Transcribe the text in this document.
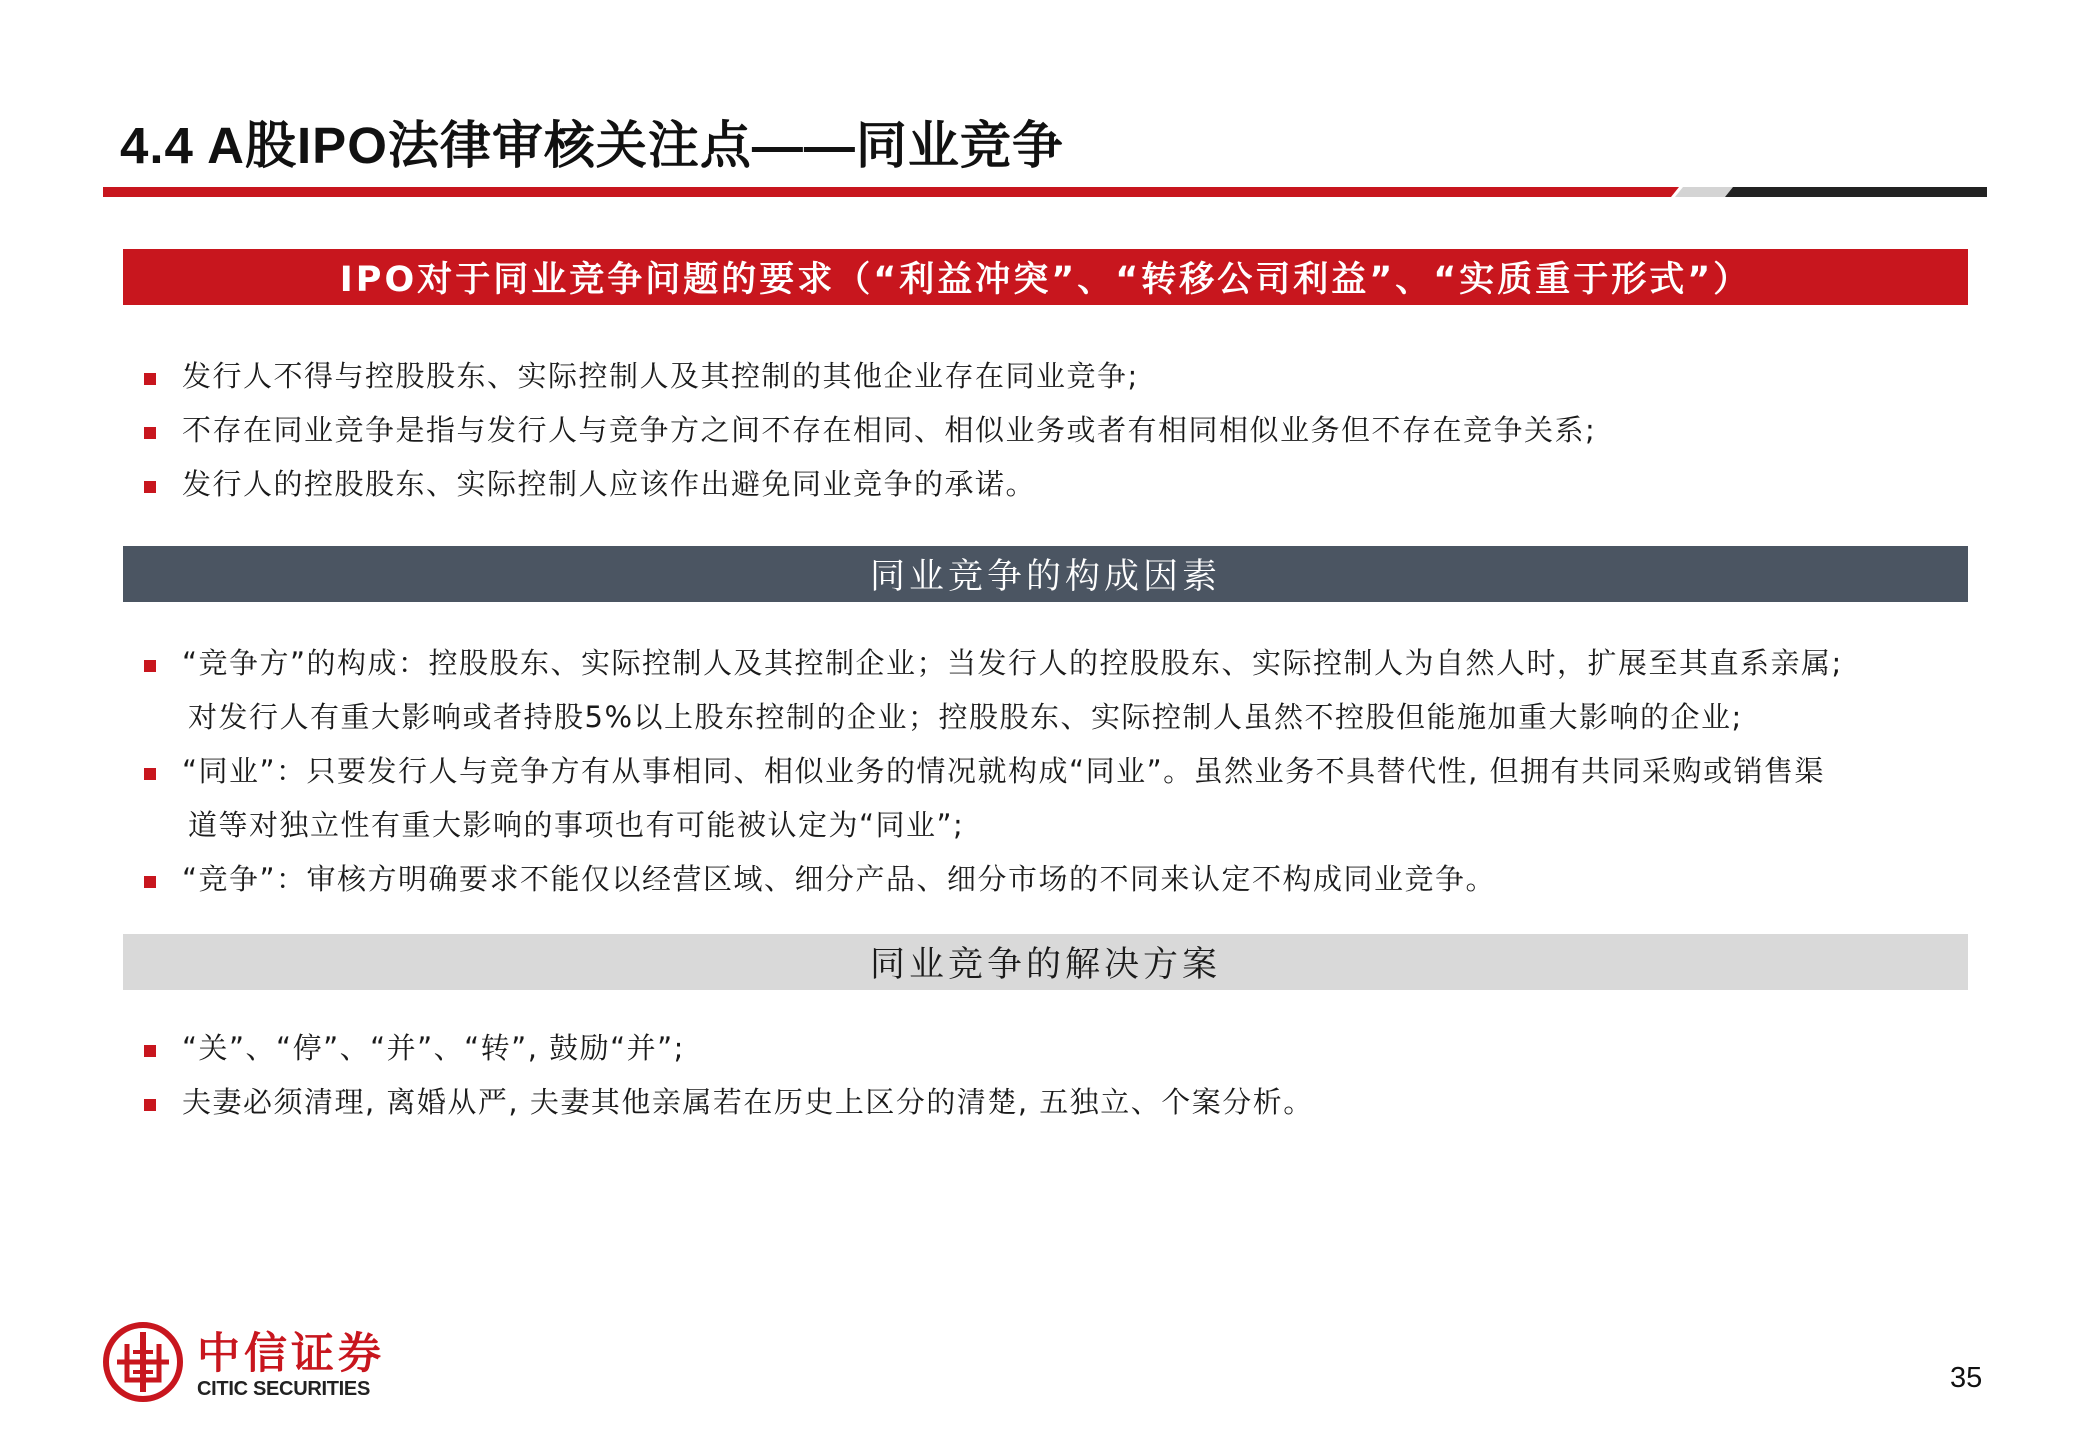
4.4 A股IPO法律审核关注点——同业竞争
IPO对于同业竞争问题的要求（“利益冲突”、“转移公司利益”、“实质重于形式”）
发行人不得与控股股东、实际控制人及其控制的其他企业存在同业竞争;
不存在同业竞争是指与发行人与竞争方之间不存在相同、相似业务或者有相同相似业务但不存在竞争关系;
发行人的控股股东、实际控制人应该作出避免同业竞争的承诺。
同业竞争的构成因素
“竞争方”的构成：控股股东、实际控制人及其控制企业；当发行人的控股股东、实际控制人为自然人时，扩展至其直系亲属;
对发行人有重大影响或者持股5%以上股东控制的企业；控股股东、实际控制人虽然不控股但能施加重大影响的企业;
“同业”：只要发行人与竞争方有从事相同、相似业务的情况就构成“同业”。虽然业务不具替代性, 但拥有共同采购或销售渠
道等对独立性有重大影响的事项也有可能被认定为“同业”;
“竞争”：审核方明确要求不能仅以经营区域、细分产品、细分市场的不同来认定不构成同业竞争。
同业竞争的解决方案
“关”、“停”、“并”、“转”, 鼓励“并”;
夫妻必须清理, 离婚从严, 夫妻其他亲属若在历史上区分的清楚, 五独立、个案分析。
中信证券
CITIC SECURITIES	35
